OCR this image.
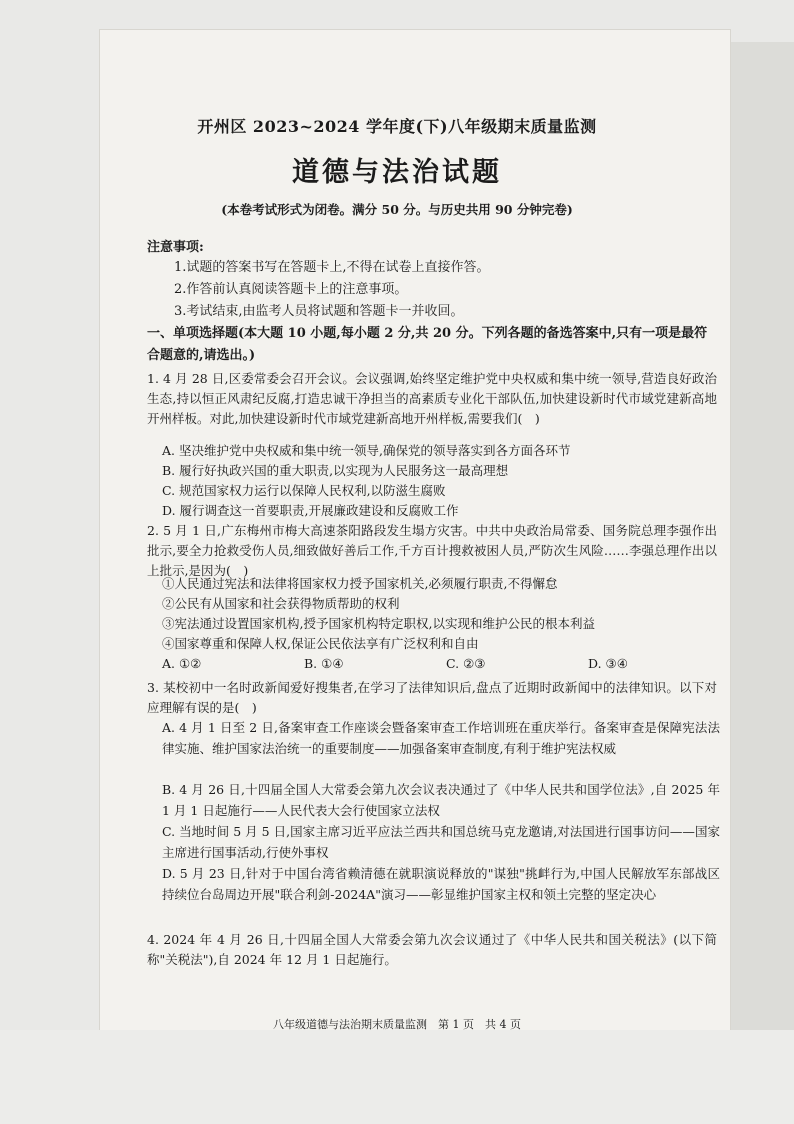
开州区 2023~2024 学年度(下)八年级期末质量监测
道德与法治试题
(本卷考试形式为闭卷。满分 50 分。与历史共用 90 分钟完卷)
注意事项:
1.试题的答案书写在答题卡上,不得在试卷上直接作答。
2.作答前认真阅读答题卡上的注意事项。
3.考试结束,由监考人员将试题和答题卡一并收回。
一、单项选择题(本大题 10 小题,每小题 2 分,共 20 分。下列各题的备选答案中,只有一项是最符合题意的,请选出。)
1. 4 月 28 日,区委常委会召开会议。会议强调,始终坚定维护党中央权威和集中统一领导,营造良好政治生态,持以恒正风肃纪反腐,打造忠诚干净担当的高素质专业化干部队伍,加快建设新时代市域党建新高地开州样板。对此,加快建设新时代市域党建新高地开州样板,需要我们(　)
A. 坚决维护党中央权威和集中统一领导,确保党的领导落实到各方面各环节
B. 履行好执政兴国的重大职责,以实现为人民服务这一最高理想
C. 规范国家权力运行以保障人民权利,以防滋生腐败
D. 履行调查这一首要职责,开展廉政建设和反腐败工作
2. 5 月 1 日,广东梅州市梅大高速茶阳路段发生塌方灾害。中共中央政治局常委、国务院总理李强作出批示,要全力抢救受伤人员,细致做好善后工作,千方百计搜救被困人员,严防次生风险……李强总理作出以上批示,是因为(　)
①人民通过宪法和法律将国家权力授予国家机关,必须履行职责,不得懈怠
②公民有从国家和社会获得物质帮助的权利
③宪法通过设置国家机构,授予国家机构特定职权,以实现和维护公民的根本利益
④国家尊重和保障人权,保证公民依法享有广泛权利和自由
A. ①②	B. ①④	C. ②③	D. ③④
3. 某校初中一名时政新闻爱好搜集者,在学习了法律知识后,盘点了近期时政新闻中的法律知识。以下对应理解有误的是(　)
A. 4 月 1 日至 2 日,备案审查工作座谈会暨备案审查工作培训班在重庆举行。备案审查是保障宪法法律实施、维护国家法治统一的重要制度——加强备案审查制度,有利于维护宪法权威
B. 4 月 26 日,十四届全国人大常委会第九次会议表决通过了《中华人民共和国学位法》,自 2025 年 1 月 1 日起施行——人民代表大会行使国家立法权
C. 当地时间 5 月 5 日,国家主席习近平应法兰西共和国总统马克龙邀请,对法国进行国事访问——国家主席进行国事活动,行使外事权
D. 5 月 23 日,针对于中国台湾省赖清德在就职演说释放的"谋独"挑衅行为,中国人民解放军东部战区持续位台岛周边开展"联合利剑-2024A"演习——彰显维护国家主权和领土完整的坚定决心
4. 2024 年 4 月 26 日,十四届全国人大常委会第九次会议通过了《中华人民共和国关税法》(以下简称"关税法"),自 2024 年 12 月 1 日起施行。
八年级道德与法治期末质量监测　第 1 页　共 4 页
